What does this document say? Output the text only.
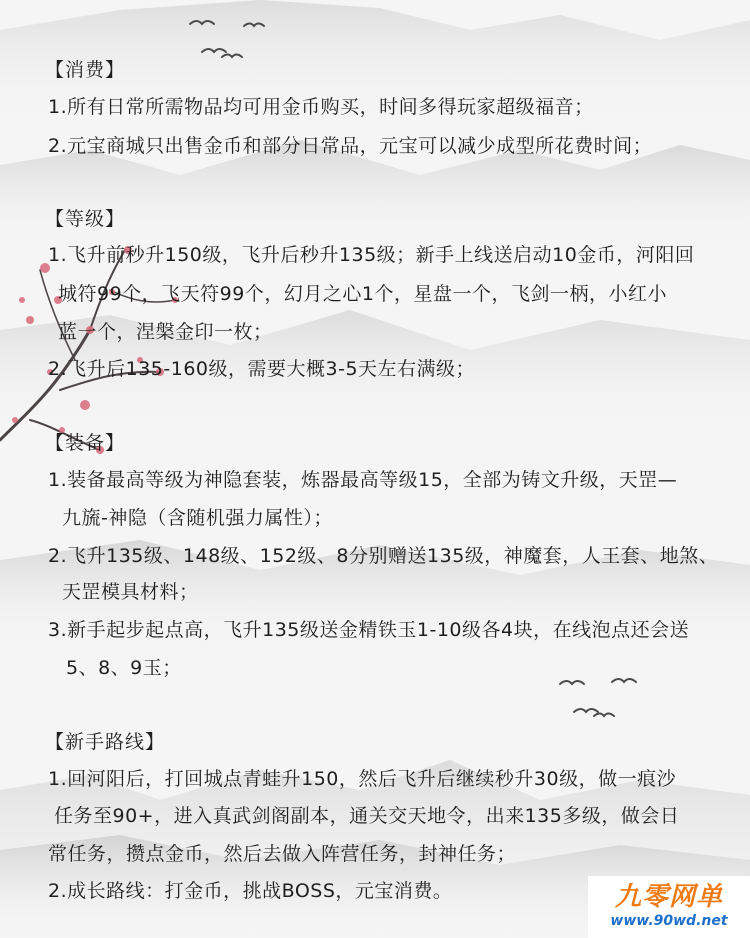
【消费】
1.所有日常所需物品均可用金币购买，时间多得玩家超级福音；
2.元宝商城只出售金币和部分日常品，元宝可以减少成型所花费时间；
【等级】
1.飞升前秒升150级，飞升后秒升135级；新手上线送启动10金币，河阳回
城符99个，飞天符99个，幻月之心1个，星盘一个，飞剑一柄，小红小
蓝一个，涅槃金印一枚；
2.飞升后135-160级，需要大概3-5天左右满级；
【装备】
1.装备最高等级为神隐套装，炼器最高等级15，全部为铸文升级，天罡—
九旒-神隐（含随机强力属性）；
2.飞升135级、148级、152级、8分别赠送135级，神魔套，人王套、地煞、
天罡模具材料；
3.新手起步起点高，飞升135级送金精铁玉1-10级各4块，在线泡点还会送
5、8、9玉；
【新手路线】
1.回河阳后，打回城点青蛙升150，然后飞升后继续秒升30级，做一痕沙
任务至90+，进入真武剑阁副本，通关交天地令，出来135多级，做会日
常任务，攒点金币，然后去做入阵营任务，封神任务；
2.成长路线：打金币，挑战BOSS，元宝消费。	九零网单
www.90wd.net
